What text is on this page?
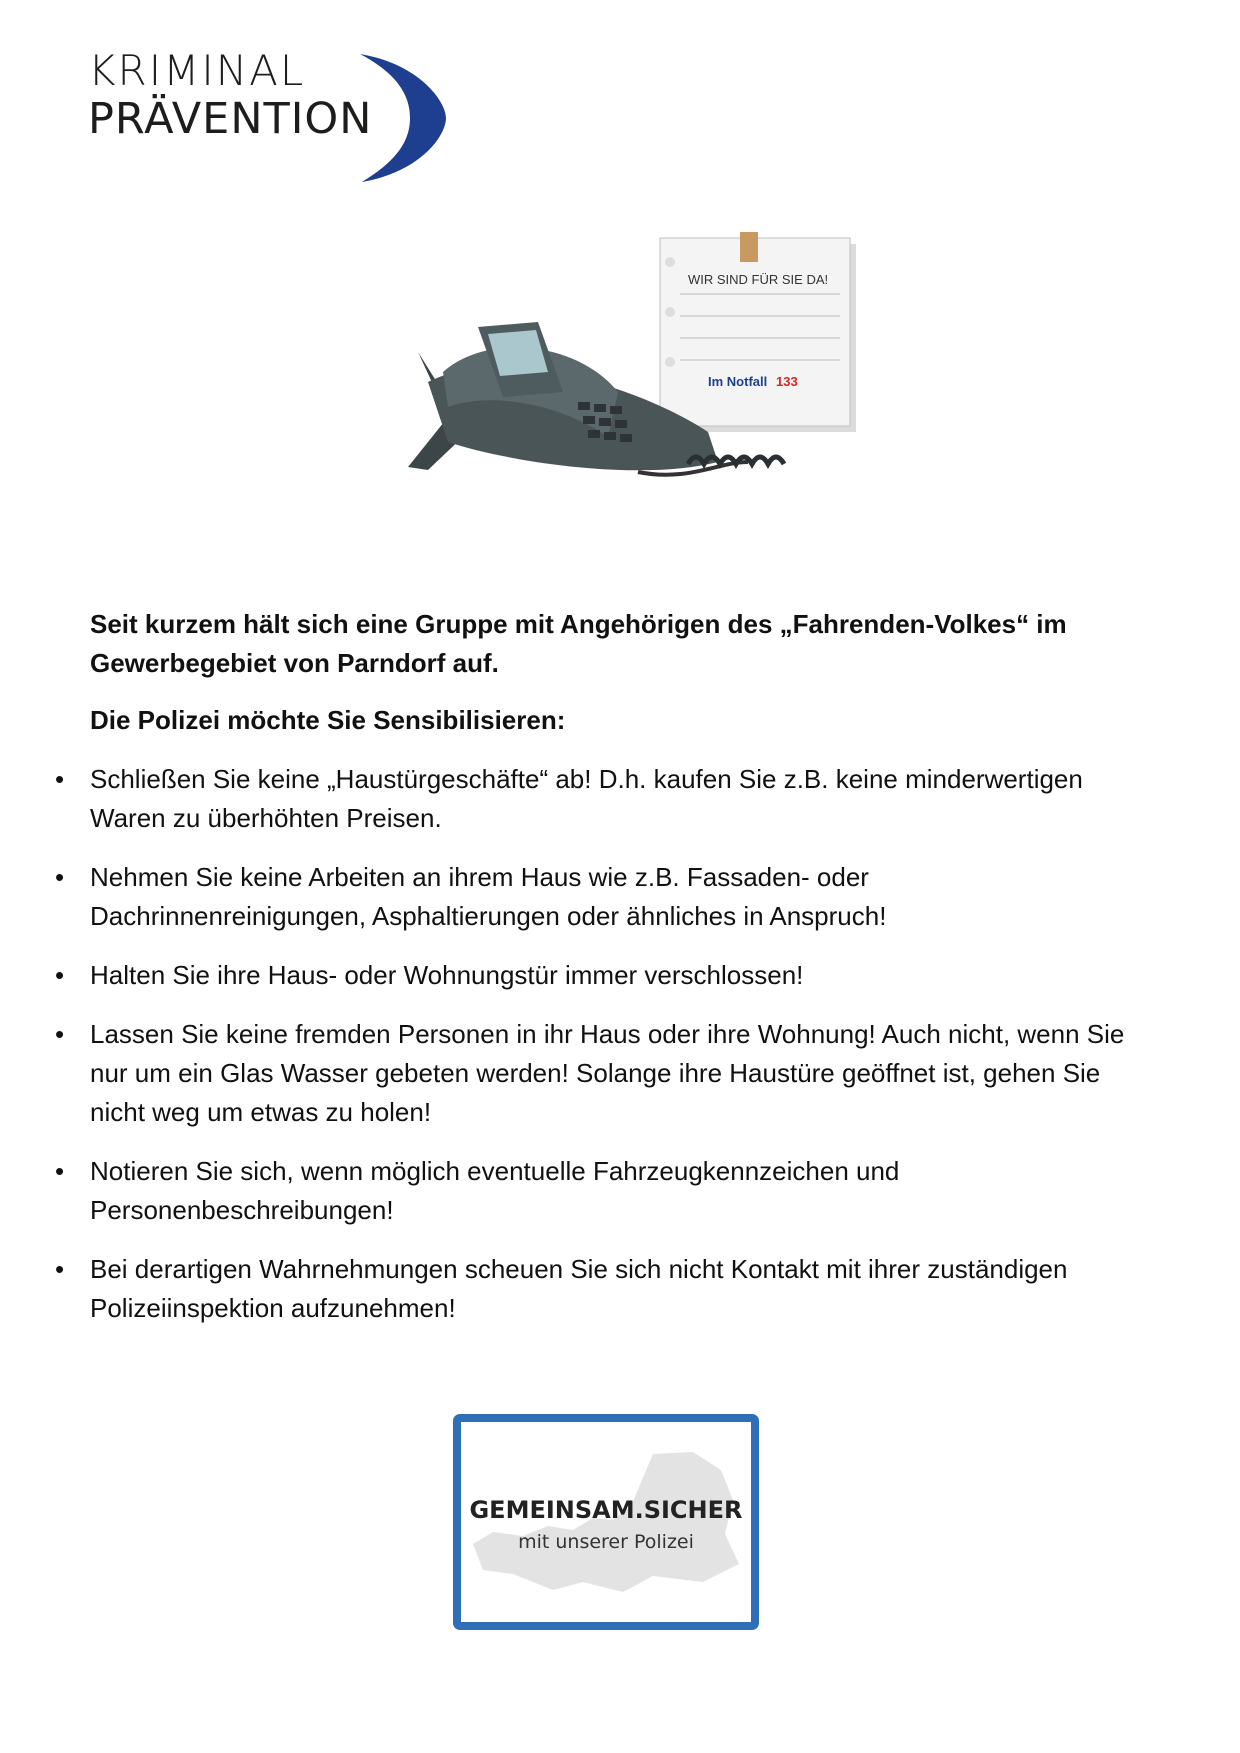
KRIMINAL
PRÄVENTION
WIR SIND FÜR SIE DA!
Im Notfall 133

Seit kurzem hält sich eine Gruppe mit Angehörigen des „Fahrenden-Volkes“ im Gewerbegebiet von Parndorf auf.

Die Polizei möchte Sie Sensibilisieren:

• Schließen Sie keine „Haustürgeschäfte“ ab! D.h. kaufen Sie z.B. keine minderwertigen Waren zu überhöhten Preisen.
• Nehmen Sie keine Arbeiten an ihrem Haus wie z.B. Fassaden- oder Dachrinnenreinigungen, Asphaltierungen oder ähnliches in Anspruch!
• Halten Sie ihre Haus- oder Wohnungstür immer verschlossen!
• Lassen Sie keine fremden Personen in ihr Haus oder ihre Wohnung! Auch nicht, wenn Sie nur um ein Glas Wasser gebeten werden! Solange ihre Haustüre geöffnet ist, gehen Sie nicht weg um etwas zu holen!
• Notieren Sie sich, wenn möglich eventuelle Fahrzeugkennzeichen und Personenbeschreibungen!
• Bei derartigen Wahrnehmungen scheuen Sie sich nicht Kontakt mit ihrer zuständigen Polizeiinspektion aufzunehmen!
GEMEINSAM.SICHER
mit unserer Polizei
